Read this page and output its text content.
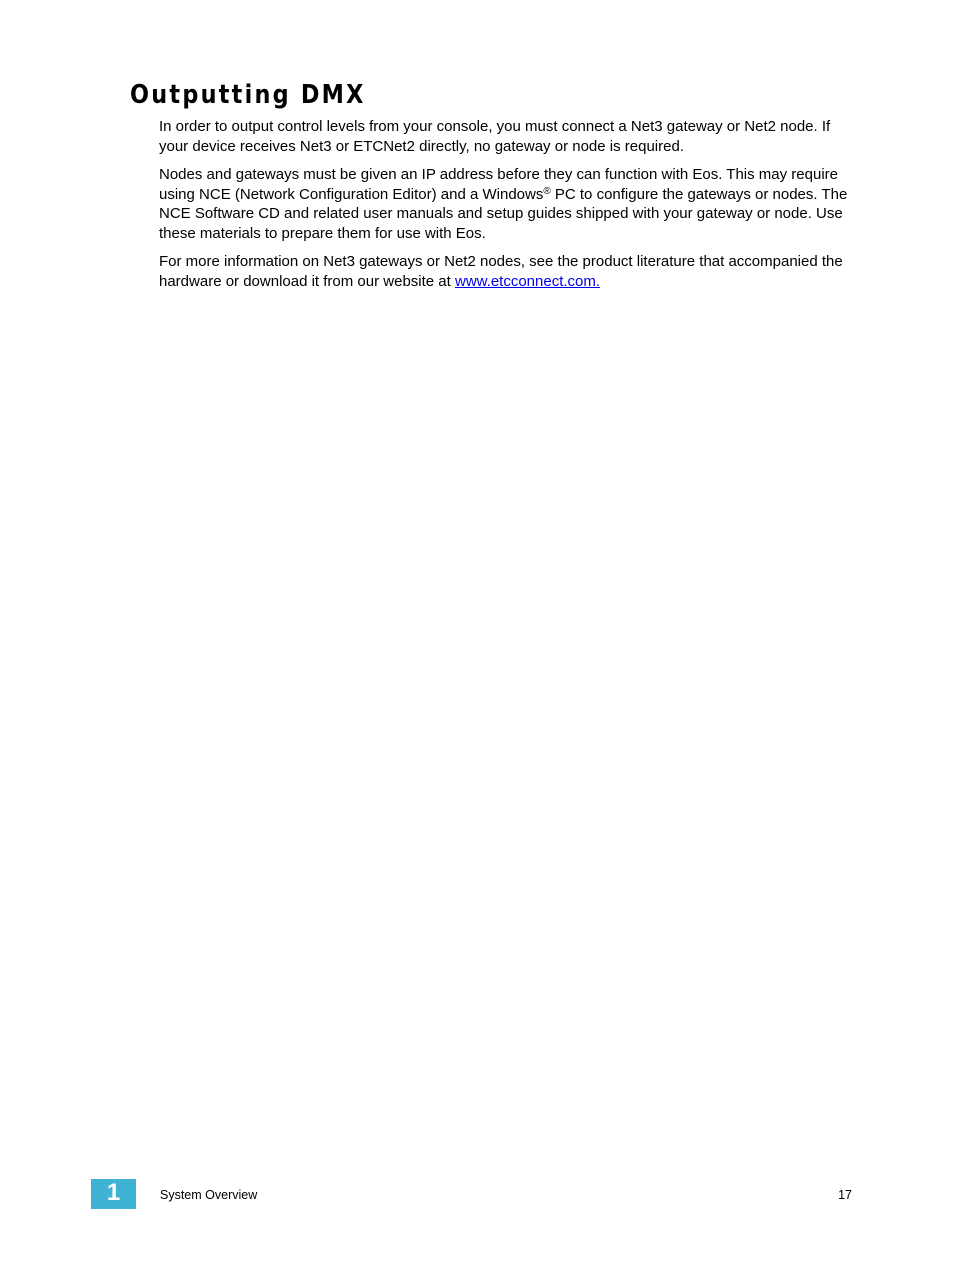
Outputting DMX

In order to output control levels from your console, you must connect a Net3 gateway or Net2 node. If your device receives Net3 or ETCNet2 directly, no gateway or node is required.

Nodes and gateways must be given an IP address before they can function with Eos. This may require using NCE (Network Configuration Editor) and a Windows® PC to configure the gateways or nodes. The NCE Software CD and related user manuals and setup guides shipped with your gateway or node. Use these materials to prepare them for use with Eos.

For more information on Net3 gateways or Net2 nodes, see the product literature that accompanied the hardware or download it from our website at www.etcconnect.com.

1	System Overview	17
